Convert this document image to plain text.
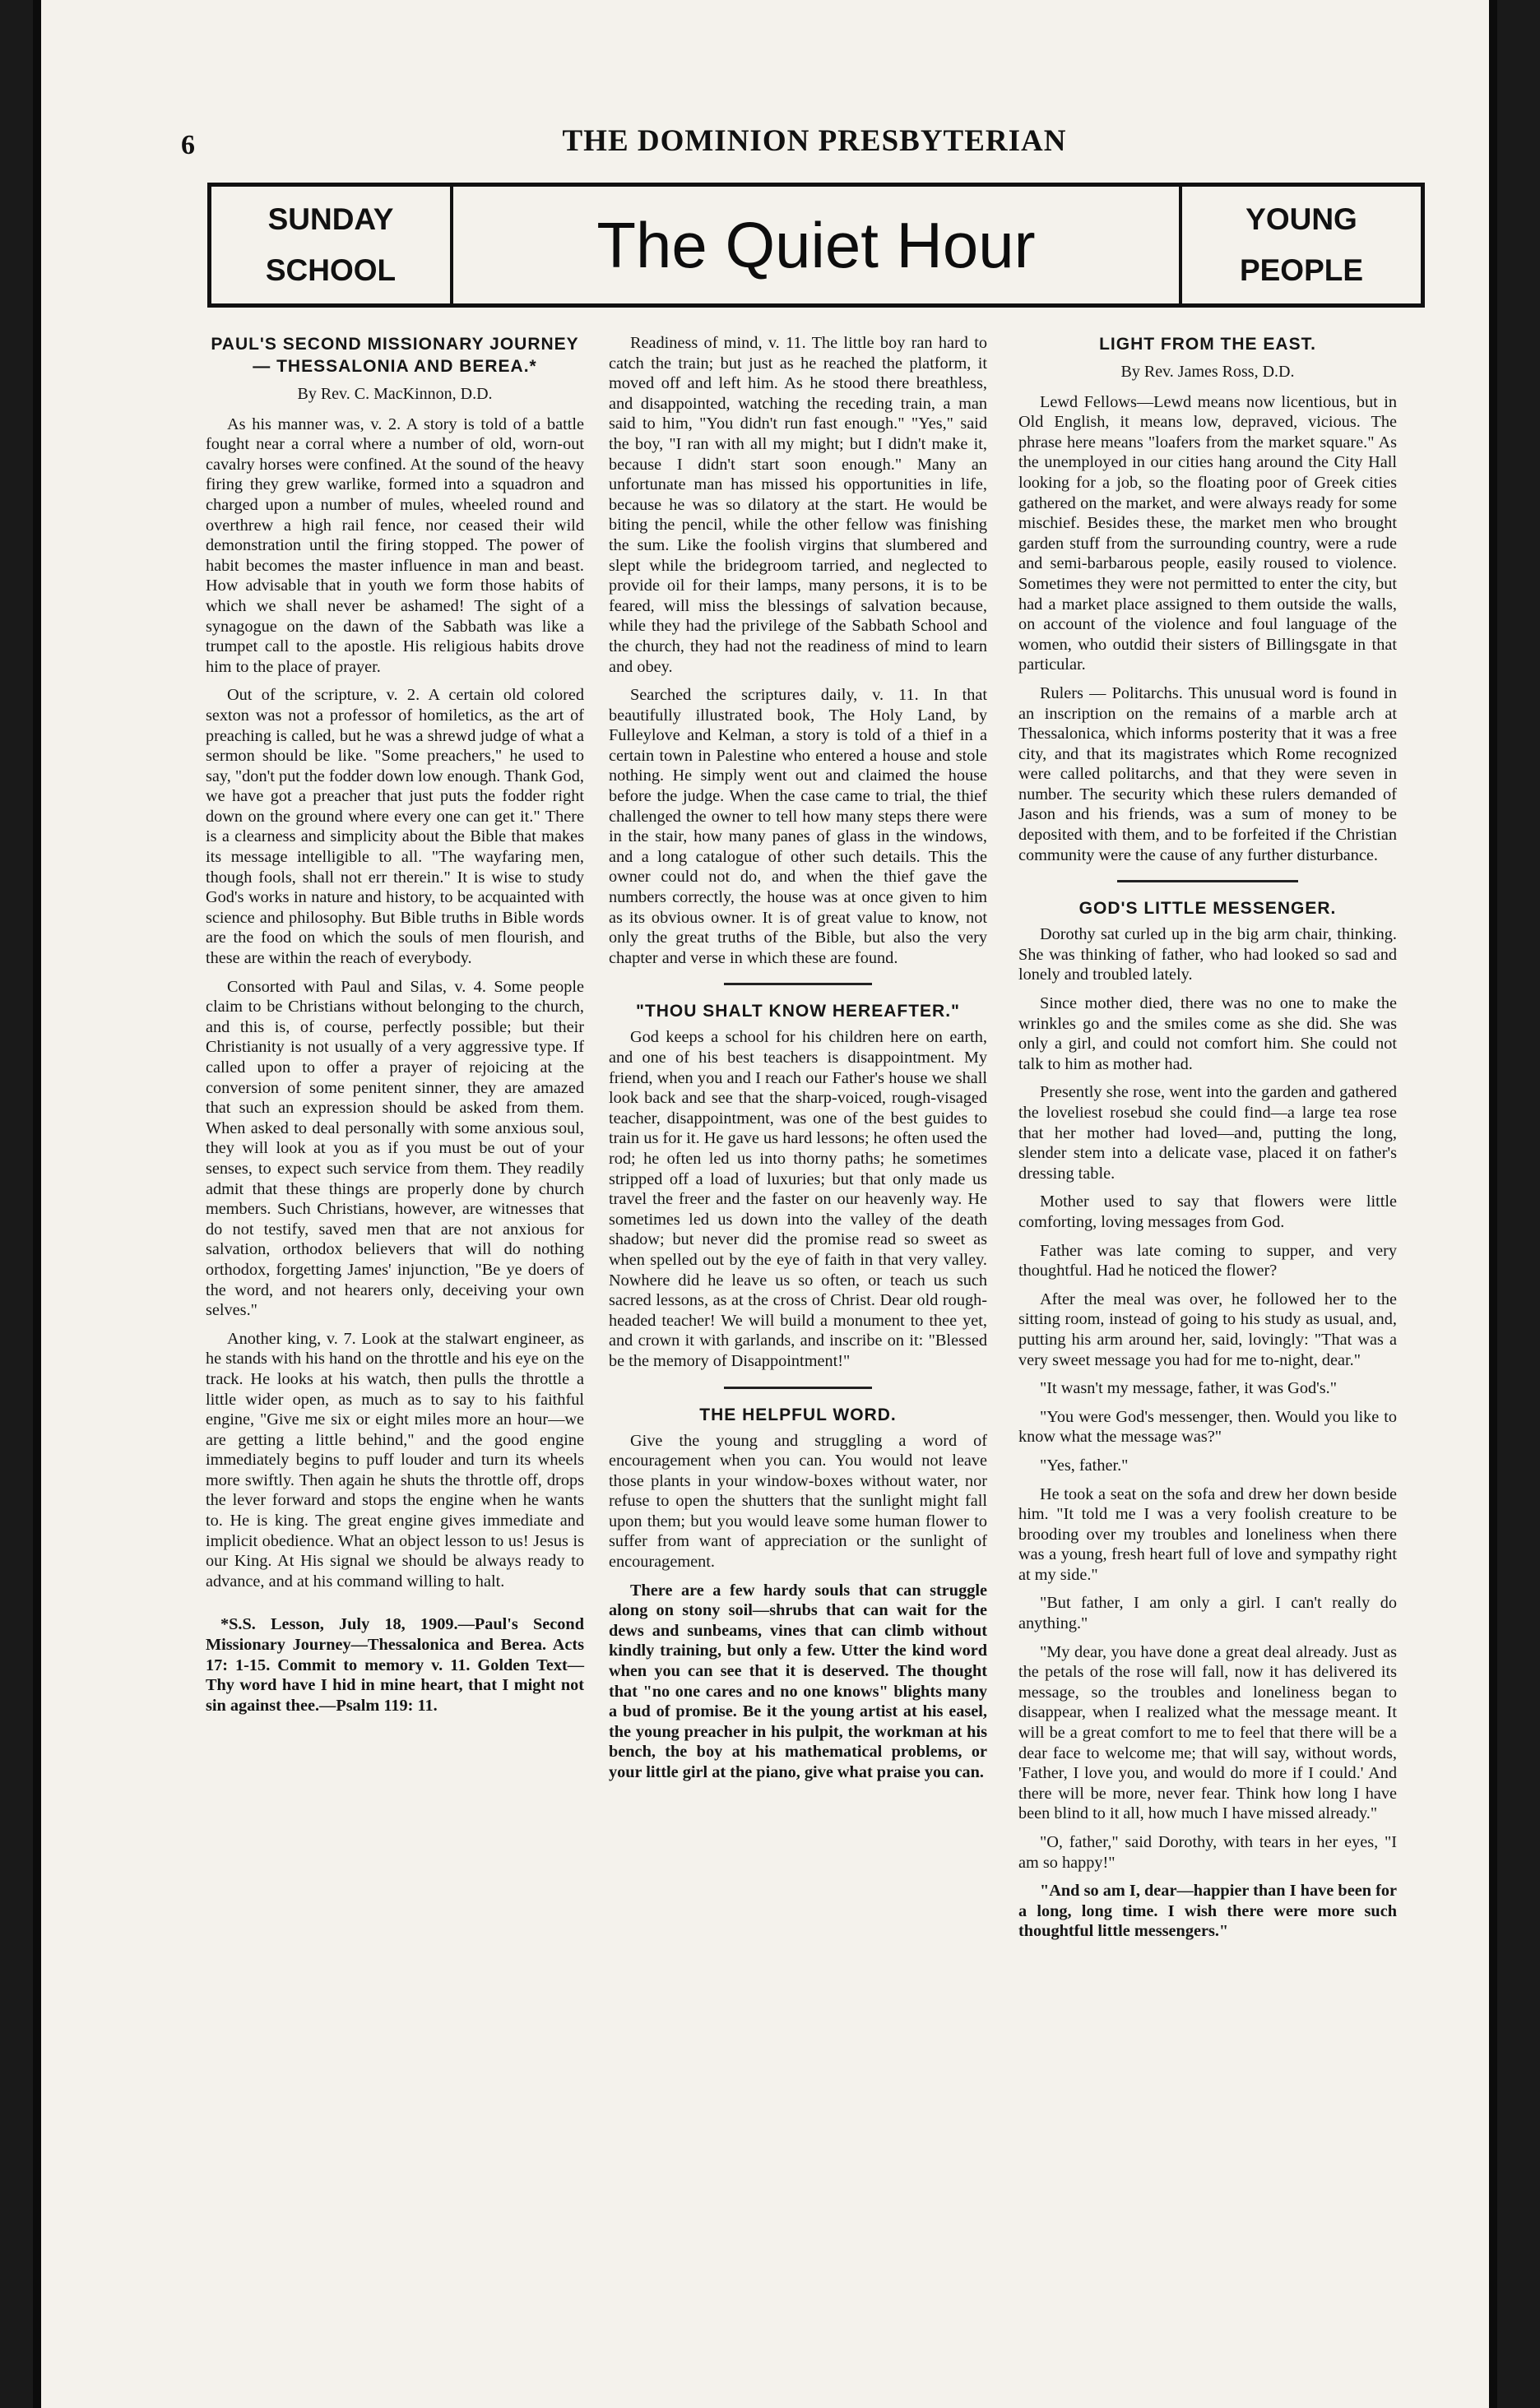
6	THE DOMINION PRESBYTERIAN
SUNDAY
SCHOOL	The Quiet Hour	YOUNG
PEOPLE
PAUL'S SECOND MISSIONARY JOURNEY — THESSALONIA AND BEREA.*
By Rev. C. MacKinnon, D.D.

As his manner was, v. 2. A story is told of a battle fought near a corral where a number of old, worn-out cavalry horses were confined. At the sound of the heavy firing they grew warlike, formed into a squadron and charged upon a number of mules, wheeled round and overthrew a high rail fence, nor ceased their wild demonstration until the firing stopped. The power of habit becomes the master influence in man and beast. How advisable that in youth we form those habits of which we shall never be ashamed! The sight of a synagogue on the dawn of the Sabbath was like a trumpet call to the apostle. His religious habits drove him to the place of prayer.

Out of the scripture, v. 2. A certain old colored sexton was not a professor of homiletics, as the art of preaching is called, but he was a shrewd judge of what a sermon should be like. "Some preachers," he used to say, "don't put the fodder down low enough. Thank God, we have got a preacher that just puts the fodder right down on the ground where every one can get it." There is a clearness and simplicity about the Bible that makes its message intelligible to all. "The wayfaring men, though fools, shall not err therein." It is wise to study God's works in nature and history, to be acquainted with science and philosophy. But Bible truths in Bible words are the food on which the souls of men flourish, and these are within the reach of everybody.

Consorted with Paul and Silas, v. 4. Some people claim to be Christians without belonging to the church, and this is, of course, perfectly possible; but their Christianity is not usually of a very aggressive type. If called upon to offer a prayer of rejoicing at the conversion of some penitent sinner, they are amazed that such an expression should be asked from them. When asked to deal personally with some anxious soul, they will look at you as if you must be out of your senses, to expect such service from them. They readily admit that these things are properly done by church members. Such Christians, however, are witnesses that do not testify, saved men that are not anxious for salvation, orthodox believers that will do nothing orthodox, forgetting James' injunction, "Be ye doers of the word, and not hearers only, deceiving your own selves."

Another king, v. 7. Look at the stalwart engineer, as he stands with his hand on the throttle and his eye on the track. He looks at his watch, then pulls the throttle a little wider open, as much as to say to his faithful engine, "Give me six or eight miles more an hour—we are getting a little behind," and the good engine immediately begins to puff louder and turn its wheels more swiftly. Then again he shuts the throttle off, drops the lever forward and stops the engine when he wants to. He is king. The great engine gives immediate and implicit obedience. What an object lesson to us! Jesus is our King. At His signal we should be always ready to advance, and at his command willing to halt.

*S.S. Lesson, July 18, 1909.—Paul's Second Missionary Journey—Thessalonica and Berea. Acts 17: 1-15. Commit to memory v. 11. Golden Text—Thy word have I hid in mine heart, that I might not sin against thee.—Psalm 119: 11.

Readiness of mind, v. 11. The little boy ran hard to catch the train; but just as he reached the platform, it moved off and left him. As he stood there breathless, and disappointed, watching the receding train, a man said to him, "You didn't run fast enough." "Yes," said the boy, "I ran with all my might; but I didn't make it, because I didn't start soon enough." Many an unfortunate man has missed his opportunities in life, because he was so dilatory at the start. He would be biting the pencil, while the other fellow was finishing the sum. Like the foolish virgins that slumbered and slept while the bridegroom tarried, and neglected to provide oil for their lamps, many persons, it is to be feared, will miss the blessings of salvation because, while they had the privilege of the Sabbath School and the church, they had not the readiness of mind to learn and obey.

Searched the scriptures daily, v. 11. In that beautifully illustrated book, The Holy Land, by Fulleylove and Kelman, a story is told of a thief in a certain town in Palestine who entered a house and stole nothing. He simply went out and claimed the house before the judge. When the case came to trial, the thief challenged the owner to tell how many steps there were in the stair, how many panes of glass in the windows, and a long catalogue of other such details. This the owner could not do, and when the thief gave the numbers correctly, the house was at once given to him as its obvious owner. It is of great value to know, not only the great truths of the Bible, but also the very chapter and verse in which these are found.

"THOU SHALT KNOW HEREAFTER."

God keeps a school for his children here on earth, and one of his best teachers is disappointment. My friend, when you and I reach our Father's house we shall look back and see that the sharp-voiced, rough-visaged teacher, disappointment, was one of the best guides to train us for it. He gave us hard lessons; he often used the rod; he often led us into thorny paths; he sometimes stripped off a load of luxuries; but that only made us travel the freer and the faster on our heavenly way. He sometimes led us down into the valley of the death shadow; but never did the promise read so sweet as when spelled out by the eye of faith in that very valley. Nowhere did he leave us so often, or teach us such sacred lessons, as at the cross of Christ. Dear old rough-headed teacher! We will build a monument to thee yet, and crown it with garlands, and inscribe on it: "Blessed be the memory of Disappointment!"

THE HELPFUL WORD.

Give the young and struggling a word of encouragement when you can. You would not leave those plants in your window-boxes without water, nor refuse to open the shutters that the sunlight might fall upon them; but you would leave some human flower to suffer from want of appreciation or the sunlight of encouragement.

There are a few hardy souls that can struggle along on stony soil—shrubs that can wait for the dews and sunbeams, vines that can climb without kindly training, but only a few. Utter the kind word when you can see that it is deserved. The thought that "no one cares and no one knows" blights many a bud of promise. Be it the young artist at his easel, the young preacher in his pulpit, the workman at his bench, the boy at his mathematical problems, or your little girl at the piano, give what praise you can.

LIGHT FROM THE EAST.
By Rev. James Ross, D.D.

Lewd Fellows—Lewd means now licentious, but in Old English, it means low, depraved, vicious. The phrase here means "loafers from the market square." As the unemployed in our cities hang around the City Hall looking for a job, so the floating poor of Greek cities gathered on the market, and were always ready for some mischief. Besides these, the market men who brought garden stuff from the surrounding country, were a rude and semi-barbarous people, easily roused to violence. Sometimes they were not permitted to enter the city, but had a market place assigned to them outside the walls, on account of the violence and foul language of the women, who outdid their sisters of Billingsgate in that particular.

Rulers — Politarchs. This unusual word is found in an inscription on the remains of a marble arch at Thessalonica, which informs posterity that it was a free city, and that its magistrates which Rome recognized were called politarchs, and that they were seven in number. The security which these rulers demanded of Jason and his friends, was a sum of money to be deposited with them, and to be forfeited if the Christian community were the cause of any further disturbance.

GOD'S LITTLE MESSENGER.

Dorothy sat curled up in the big arm chair, thinking. She was thinking of father, who had looked so sad and lonely and troubled lately.

Since mother died, there was no one to make the wrinkles go and the smiles come as she did. She was only a girl, and could not comfort him. She could not talk to him as mother had.

Presently she rose, went into the garden and gathered the loveliest rosebud she could find—a large tea rose that her mother had loved—and, putting the long, slender stem into a delicate vase, placed it on father's dressing table.

Mother used to say that flowers were little comforting, loving messages from God.

Father was late coming to supper, and very thoughtful. Had he noticed the flower?

After the meal was over, he followed her to the sitting room, instead of going to his study as usual, and, putting his arm around her, said, lovingly: "That was a very sweet message you had for me to-night, dear."

"It wasn't my message, father, it was God's."

"You were God's messenger, then. Would you like to know what the message was?"

"Yes, father."

He took a seat on the sofa and drew her down beside him. "It told me I was a very foolish creature to be brooding over my troubles and loneliness when there was a young, fresh heart full of love and sympathy right at my side."

"But father, I am only a girl. I can't really do anything."

"My dear, you have done a great deal already. Just as the petals of the rose will fall, now it has delivered its message, so the troubles and loneliness began to disappear, when I realized what the message meant. It will be a great comfort to me to feel that there will be a dear face to welcome me; that will say, without words, 'Father, I love you, and would do more if I could.' And there will be more, never fear. Think how long I have been blind to it all, how much I have missed already."

"O, father," said Dorothy, with tears in her eyes, "I am so happy!"

"And so am I, dear—happier than I have been for a long, long time. I wish there were more such thoughtful little messengers."
